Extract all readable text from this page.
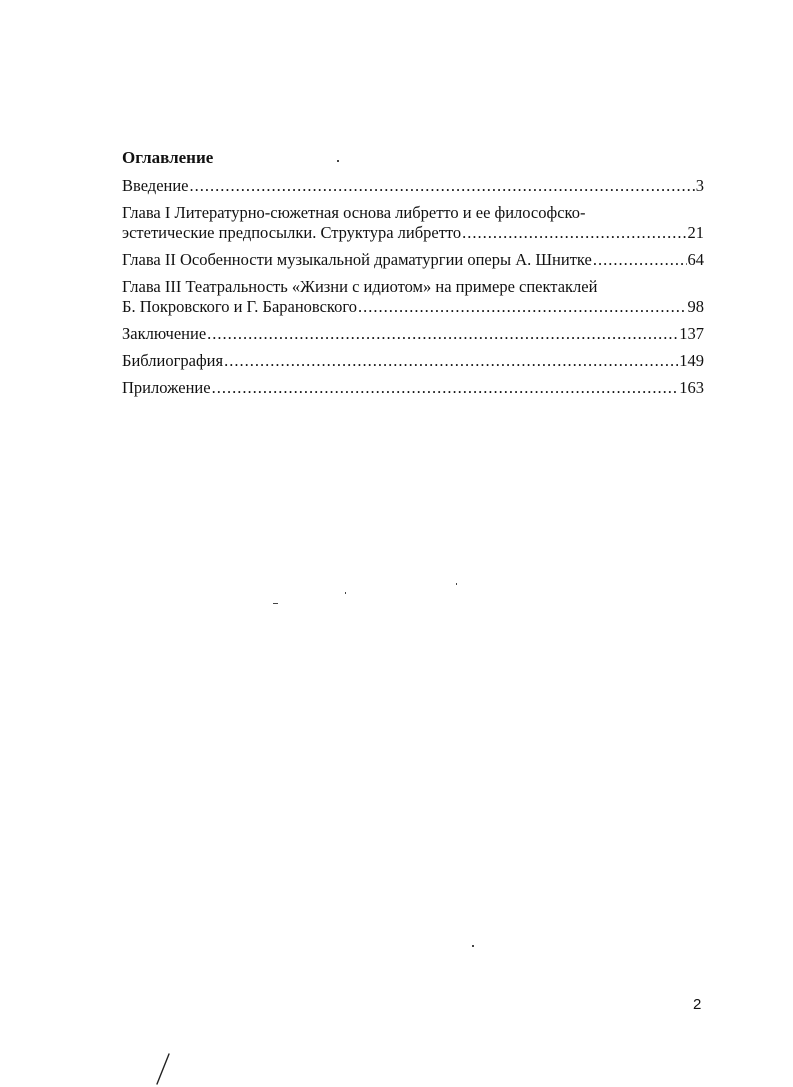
Оглавление
Введение .....	3
Глава I Литературно-сюжетная основа либретто и ее философско-
эстетические предпосылки. Структура либретто .....	21
Глава II Особенности музыкальной драматургии оперы А. Шнитке .....	64
Глава III Театральность «Жизни с идиотом» на примере спектаклей
Б. Покровского и Г. Барановского .....	98
Заключение .....	137
Библиография .....	149
Приложение .....	163
2
